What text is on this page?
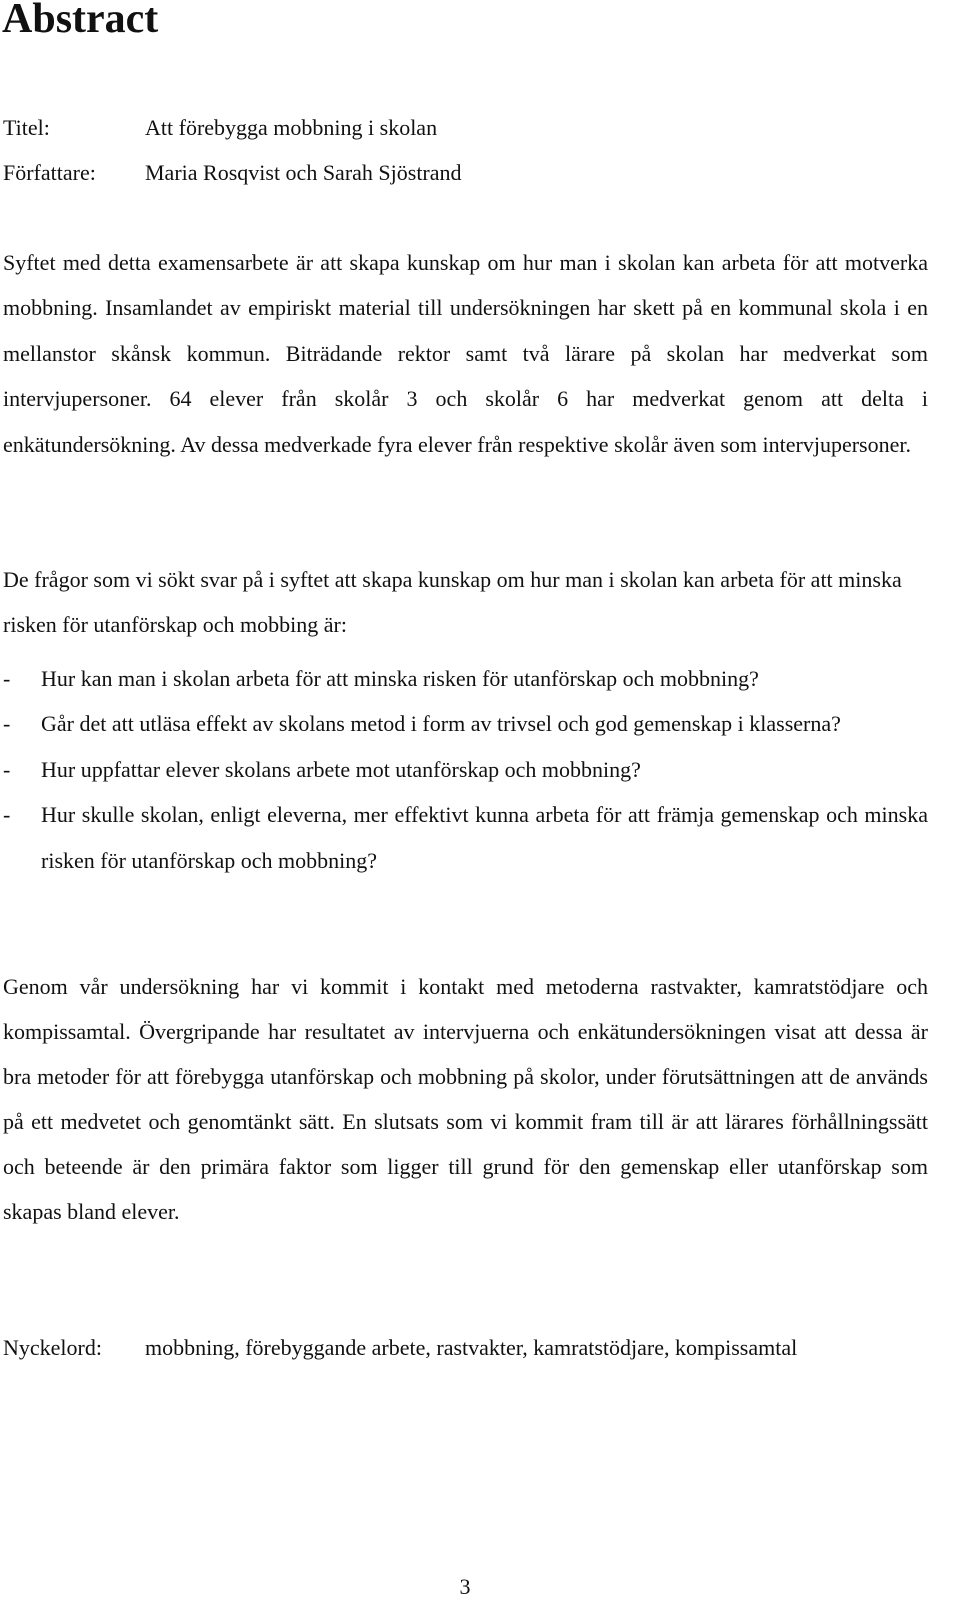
Abstract
Titel:	Att förebygga mobbning i skolan
Författare: Maria Rosqvist och Sarah Sjöstrand

Syftet med detta examensarbete är att skapa kunskap om hur man i skolan kan arbeta för att motverka mobbning. Insamlandet av empiriskt material till undersökningen har skett på en kommunal skola i en mellanstor skånsk kommun. Biträdande rektor samt två lärare på skolan har medverkat som intervjupersoner. 64 elever från skolår 3 och skolår 6 har medverkat genom att delta i enkätundersökning. Av dessa medverkade fyra elever från respektive skolår även som intervjupersoner.

De frågor som vi sökt svar på i syftet att skapa kunskap om hur man i skolan kan arbeta för att minska risken för utanförskap och mobbing är:

- Hur kan man i skolan arbeta för att minska risken för utanförskap och mobbning?
- Går det att utläsa effekt av skolans metod i form av trivsel och god gemenskap i klasserna?
- Hur uppfattar elever skolans arbete mot utanförskap och mobbning?
- Hur skulle skolan, enligt eleverna, mer effektivt kunna arbeta för att främja gemenskap och minska risken för utanförskap och mobbning?

Genom vår undersökning har vi kommit i kontakt med metoderna rastvakter, kamratstödjare och kompissamtal. Övergripande har resultatet av intervjuerna och enkätundersökningen visat att dessa är bra metoder för att förebygga utanförskap och mobbning på skolor, under förutsättningen att de används på ett medvetet och genomtänkt sätt. En slutsats som vi kommit fram till är att lärares förhållningssätt och beteende är den primära faktor som ligger till grund för den gemenskap eller utanförskap som skapas bland elever.

Nyckelord: mobbning, förebyggande arbete, rastvakter, kamratstödjare, kompissamtal
3
